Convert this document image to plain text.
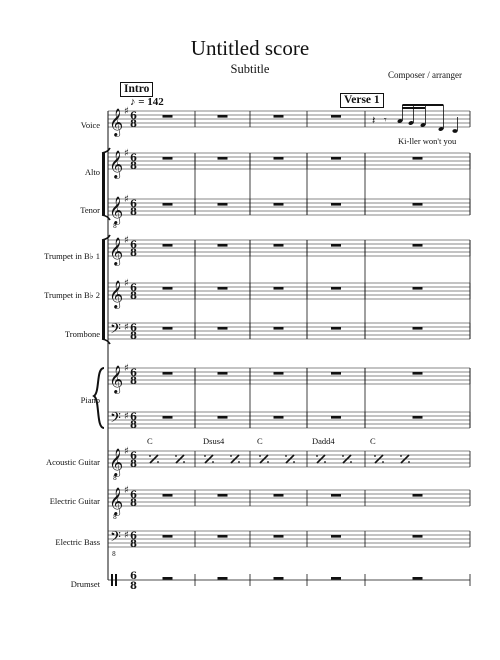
Untitled score
Subtitle	Composer / arranger
Intro
Verse 1
♪ = 142
Voice
Alto
Tenor
Trumpet in B♭ 1
Trumpet in B♭ 2
Trombone
Piano
Acoustic Guitar
Electric Guitar
Electric Bass
Drumset
C	Dsus4	C	Dadd4	C
Ki-ller won't you
𝄞 ♯ 6
8
𝄞 ♯ 6
8
𝄞
8
♯ 6
8
𝄞 ♯ 6
8
𝄞 ♯ 6
8
𝄢 ♯ 6
8
𝄞 ♯ 6
8
𝄢 ♯ 6
8
𝄞
8
♯ 6
8
𝄞
8
♯ 6
8
𝄢
8
♯ 6
8
6
8
𝄽 𝄾
